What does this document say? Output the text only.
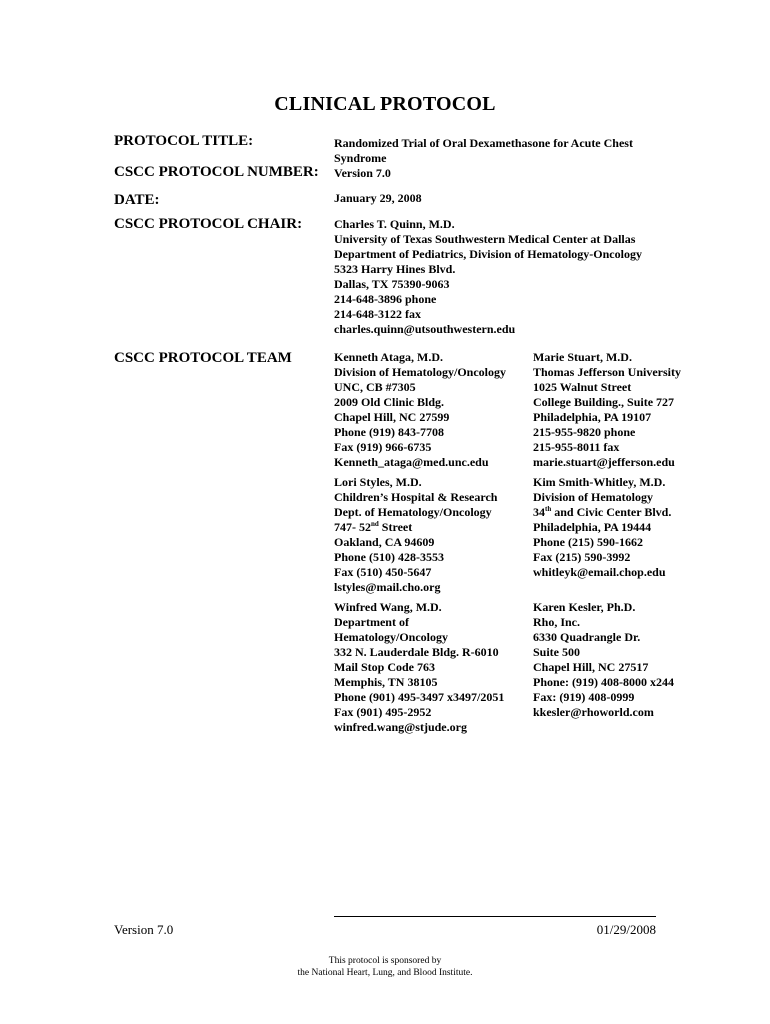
CLINICAL PROTOCOL
PROTOCOL TITLE:	Randomized Trial of Oral Dexamethasone for Acute Chest
Syndrome
CSCC PROTOCOL NUMBER: Version 7.0
DATE:	January 29, 2008
CSCC PROTOCOL CHAIR:	Charles T. Quinn, M.D.
University of Texas Southwestern Medical Center at Dallas
Department of Pediatrics, Division of Hematology-Oncology
5323 Harry Hines Blvd.
Dallas, TX 75390-9063
214-648-3896 phone
214-648-3122 fax
charles.quinn@utsouthwestern.edu
CSCC PROTOCOL TEAM	Kenneth Ataga, M.D.
Division of Hematology/Oncology
UNC, CB #7305
2009 Old Clinic Bldg.
Chapel Hill, NC 27599
Phone (919) 843-7708
Fax (919) 966-6735
Kenneth_ataga@med.unc.edu
Marie Stuart, M.D.
Thomas Jefferson University
1025 Walnut Street
College Building., Suite 727
Philadelphia, PA 19107
215-955-9820 phone
215-955-8011 fax
marie.stuart@jefferson.edu
Lori Styles, M.D.
Children’s Hospital & Research
Dept. of Hematology/Oncology
747- 52nd Street
Oakland, CA 94609
Phone (510) 428-3553
Fax (510) 450-5647
lstyles@mail.cho.org
Kim Smith-Whitley, M.D.
Division of Hematology
34th and Civic Center Blvd.
Philadelphia, PA 19444
Phone (215) 590-1662
Fax (215) 590-3992
whitleyk@email.chop.edu
Winfred Wang, M.D.
Department of
Hematology/Oncology
332 N. Lauderdale Bldg. R-6010
Mail Stop Code 763
Memphis, TN 38105
Phone (901) 495-3497 x3497/2051
Fax (901) 495-2952
winfred.wang@stjude.org
Karen Kesler, Ph.D.
Rho, Inc.
6330 Quadrangle Dr.
Suite 500
Chapel Hill, NC 27517
Phone: (919) 408-8000 x244
Fax: (919) 408-0999
kkesler@rhoworld.com
Version 7.0	01/29/2008
This protocol is sponsored by
the National Heart, Lung, and Blood Institute.
